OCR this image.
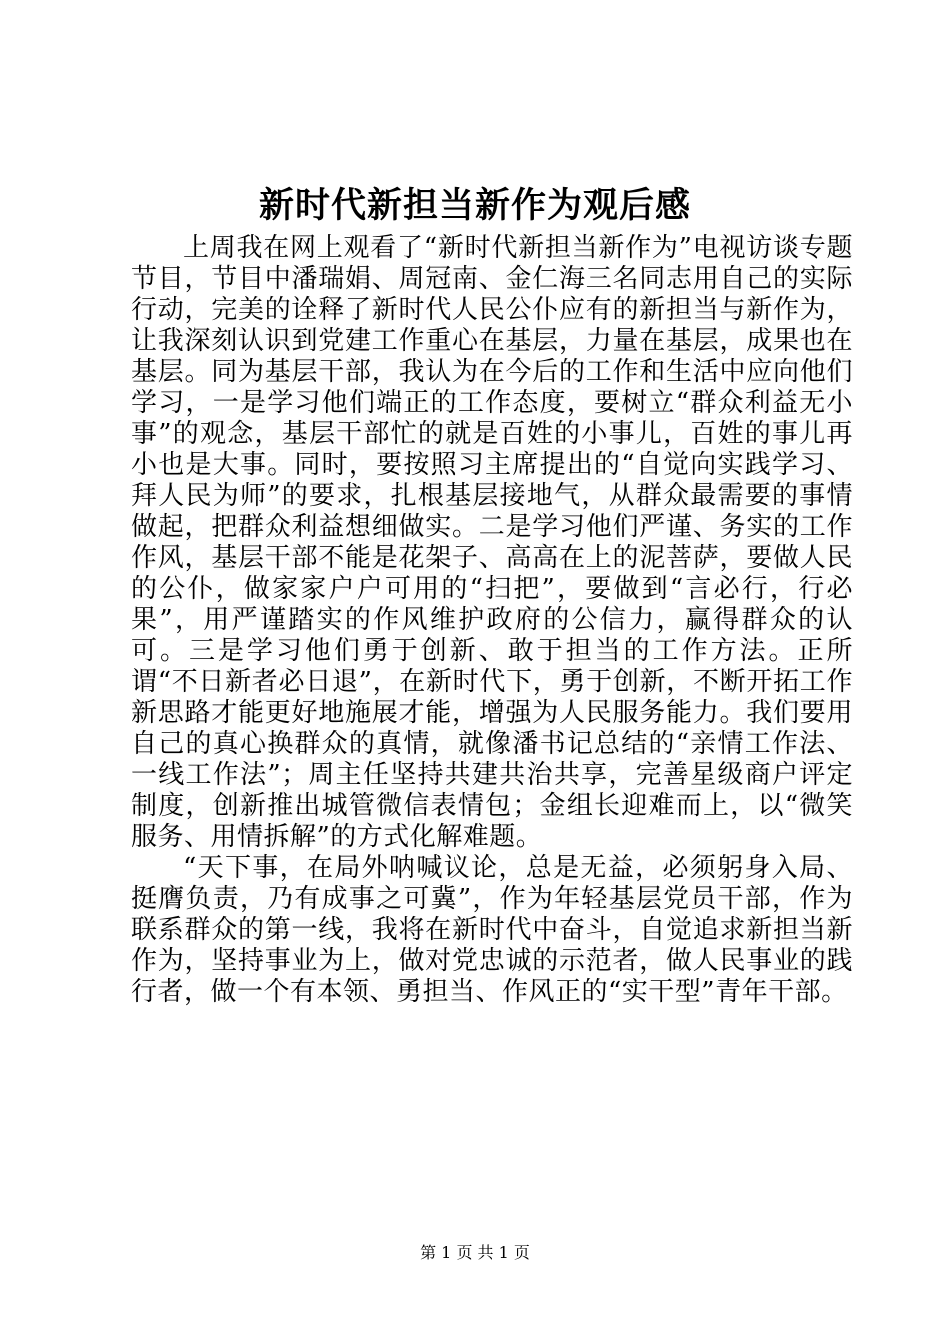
新时代新担当新作为观后感

上周我在网上观看了“新时代新担当新作为”电视访谈专题节目，节目中潘瑞娟、周冠南、金仁海三名同志用自己的实际行动，完美的诠释了新时代人民公仆应有的新担当与新作为，让我深刻认识到党建工作重心在基层，力量在基层，成果也在基层。同为基层干部，我认为在今后的工作和生活中应向他们学习，一是学习他们端正的工作态度，要树立“群众利益无小事”的观念，基层干部忙的就是百姓的小事儿，百姓的事儿再小也是大事。同时，要按照习主席提出的“自觉向实践学习、拜人民为师”的要求，扎根基层接地气，从群众最需要的事情做起，把群众利益想细做实。二是学习他们严谨、务实的工作作风，基层干部不能是花架子、高高在上的泥菩萨，要做人民的公仆，做家家户户可用的“扫把”，要做到“言必行，行必果”，用严谨踏实的作风维护政府的公信力，赢得群众的认可。三是学习他们勇于创新、敢于担当的工作方法。正所谓“不日新者必日退”，在新时代下，勇于创新，不断开拓工作新思路才能更好地施展才能，增强为人民服务能力。我们要用自己的真心换群众的真情，就像潘书记总结的“亲情工作法、一线工作法”；周主任坚持共建共治共享，完善星级商户评定制度，创新推出城管微信表情包；金组长迎难而上，以“微笑服务、用情拆解”的方式化解难题。

“天下事，在局外呐喊议论，总是无益，必须躬身入局、挺膺负责，乃有成事之可冀”，作为年轻基层党员干部，作为联系群众的第一线，我将在新时代中奋斗，自觉追求新担当新作为，坚持事业为上，做对党忠诚的示范者，做人民事业的践行者，做一个有本领、勇担当、作风正的“实干型”青年干部。

第 1 页 共 1 页
